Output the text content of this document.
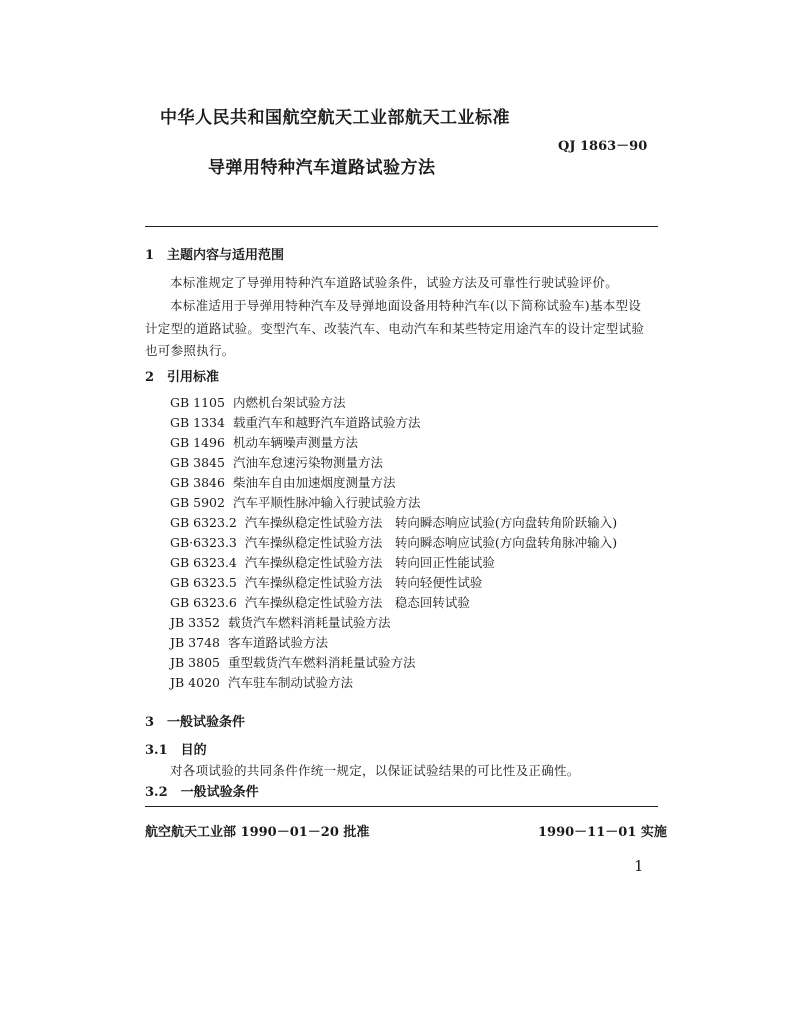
中华人民共和国航空航天工业部航天工业标准
QJ 1863－90
导弹用特种汽车道路试验方法
1　主题内容与适用范围
本标准规定了导弹用特种汽车道路试验条件，试验方法及可靠性行驶试验评价。
本标准适用于导弹用特种汽车及导弹地面设备用特种汽车(以下简称试验车)基本型设
计定型的道路试验。变型汽车、改装汽车、电动汽车和某些特定用途汽车的设计定型试验
也可参照执行。
2　引用标准
GB 1105 内燃机台架试验方法
GB 1334 载重汽车和越野汽车道路试验方法
GB 1496 机动车辆噪声测量方法
GB 3845 汽油车怠速污染物测量方法
GB 3846 柴油车自由加速烟度测量方法
GB 5902 汽车平顺性脉冲输入行驶试验方法
GB 6323.2 汽车操纵稳定性试验方法　转向瞬态响应试验(方向盘转角阶跃输入)
GB·6323.3 汽车操纵稳定性试验方法　转向瞬态响应试验(方向盘转角脉冲输入)
GB 6323.4 汽车操纵稳定性试验方法　转向回正性能试验
GB 6323.5 汽车操纵稳定性试验方法　转向轻便性试验
GB 6323.6 汽车操纵稳定性试验方法　稳态回转试验
JB 3352 载货汽车燃料消耗量试验方法
JB 3748 客车道路试验方法
JB 3805 重型载货汽车燃料消耗量试验方法
JB 4020 汽车驻车制动试验方法
3　一般试验条件
3.1　目的
对各项试验的共同条件作统一规定，以保证试验结果的可比性及正确性。
3.2　一般试验条件
航空航天工业部 1990－01－20 批准	1990－11－01 实施
1
